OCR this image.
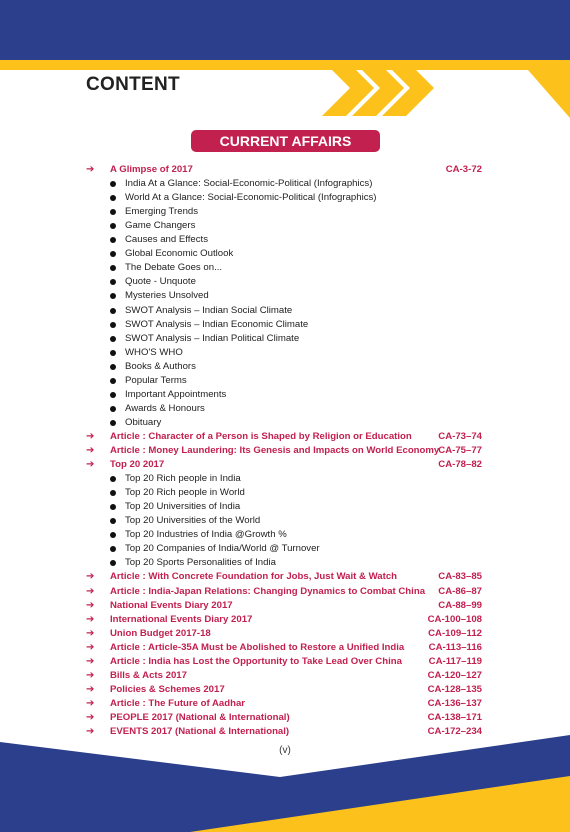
CONTENT
CURRENT AFFAIRS
➔ A Glimpse of 2017	CA-3-72
India At a Glance: Social-Economic-Political (Infographics)
World At a Glance: Social-Economic-Political (Infographics)
Emerging Trends
Game Changers
Causes and Effects
Global Economic Outlook
The Debate Goes on...
Quote - Unquote
Mysteries Unsolved
SWOT Analysis – Indian Social Climate
SWOT Analysis – Indian Economic Climate
SWOT Analysis – Indian Political Climate
WHO'S WHO
Books & Authors
Popular Terms
Important Appointments
Awards & Honours
Obituary
➔ Article : Character of a Person is Shaped by Religion or Education	CA-73–74
➔ Article : Money Laundering: Its Genesis and Impacts on World Economy CA-75–77
➔ Top 20 2017	CA-78–82
Top 20 Rich people in India
Top 20 Rich people in World
Top 20 Universities of India
Top 20 Universities of the World
Top 20 Industries of India @Growth %
Top 20 Companies of India/World @ Turnover
Top 20 Sports Personalities of India
➔ Article : With Concrete Foundation for Jobs, Just Wait & Watch	CA-83–85
➔ Article : India-Japan Relations: Changing Dynamics to Combat China CA-86–87
➔ National Events Diary 2017	CA-88–99
➔ International Events Diary 2017	CA-100–108
➔ Union Budget 2017-18	CA-109–112
➔ Article : Article-35A Must be Abolished to Restore a Unified India	CA-113–116
➔ Article : India has Lost the Opportunity to Take Lead Over China	CA-117–119
➔ Bills & Acts 2017	CA-120–127
➔ Policies & Schemes 2017	CA-128–135
➔ Article : The Future of Aadhar	CA-136–137
➔ PEOPLE 2017 (National & International)	CA-138–171
➔ EVENTS 2017 (National & International)	CA-172–234
(v)
